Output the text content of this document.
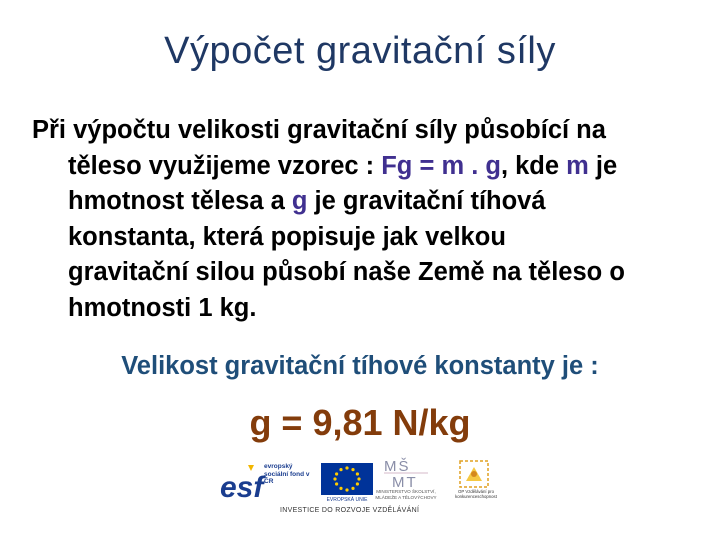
Výpočet gravitační síly
Při výpočtu velikosti gravitační síly působící na
těleso využijeme vzorec : Fg = m . g, kde m je
hmotnost tělesa a g je gravitační tíhová
konstanta, která popisuje jak velkou
gravitační silou působí naše Země na těleso o
hmotnosti 1 kg.
Velikost gravitační tíhové konstanty je :
g = 9,81 N/kg
esf
evropský sociální fond v ČR
EVROPSKÁ UNIE
MŠ
MT
MINISTERSTVO ŠKOLSTVÍ, MLÁDEŽE A TĚLOVÝCHOVY
OP Vzdělávání pro konkurenceschopnost
INVESTICE DO ROZVOJE VZDĚLÁVÁNÍ
